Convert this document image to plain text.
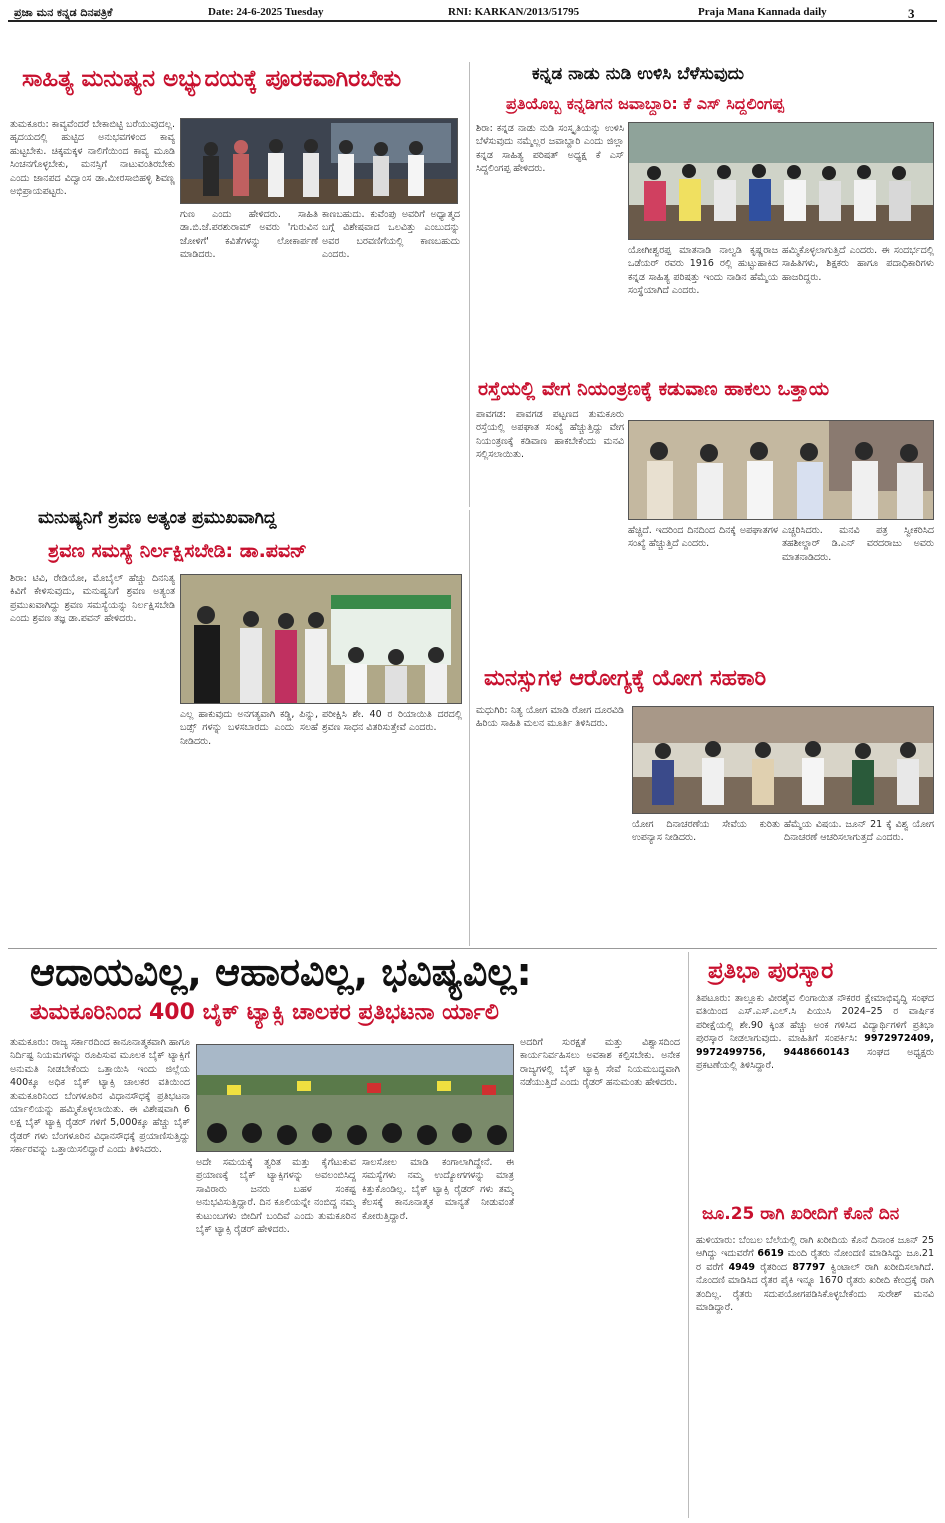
ಪ್ರಜಾ ಮನ ಕನ್ನಡ ದಿನಪತ್ರಿಕೆ	Date: 24-6-2025 Tuesday	RNI: KARKAN/2013/51795	Praja Mana Kannada daily	3
ಸಾಹಿತ್ಯ ಮನುಷ್ಯನ ಅಭ್ಯುದಯಕ್ಕೆ ಪೂರಕವಾಗಿರಬೇಕು
ತುಮಕೂರು: ಕಾವ್ಯವೆಂದರೆ ಬೇಕಾಬಿಟ್ಟಿ ಬರೆಯುವುದಲ್ಲ. ಹೃದಯದಲ್ಲಿ ಹುಟ್ಟಿದ ಅನುಭವಗಳಿಂದ ಕಾವ್ಯ ಹುಟ್ಟಬೇಕು. ಚಿಕ್ಕಮಕ್ಕಳ ನಾಲಿಗೆಯಿಂದ ಕಾವ್ಯ ಮೂಡಿ ಸಿಂಚನಗೊಳ್ಳಬೇಕು, ಮನಸ್ಸಿಗೆ ನಾಟುವಂತಿರಬೇಕು ಎಂದು ಜಾನಪದ ವಿದ್ವಾಂಸ ಡಾ.ಮೀರಸಾಬಿಹಳ್ಳಿ ಶಿವಣ್ಣ ಅಭಿಪ್ರಾಯಪಟ್ಟರು.
ಗುಣ ಎಂದು ಹೇಳಿದರು. ಸಾಹಿತಿ ಡಾ.ಬಿ.ಜೆ.ಪರಶುರಾಮ್ ಅವರು 'ಗುರುವಿನ ಜೋಳಿಗೆ' ಕವಿತೆಗಳನ್ನು ಲೋಕಾರ್ಪಣೆ ಮಾಡಿದರು.
ಕಾಣಬಹುದು. ಕುವೆಂಪು ಅವರಿಗೆ ಅಧ್ಯಾತ್ಮದ ಬಗ್ಗೆ ವಿಶೇಷವಾದ ಒಲವಿತ್ತು ಎಂಬುದನ್ನು ಅವರ ಬರವಣಿಗೆಯಲ್ಲಿ ಕಾಣಬಹುದು ಎಂದರು.
ಕನ್ನಡ ನಾಡು ನುಡಿ ಉಳಿಸಿ ಬೆಳೆಸುವುದು
ಪ್ರತಿಯೊಬ್ಬ ಕನ್ನಡಿಗನ ಜವಾಬ್ದಾರಿ: ಕೆ ಎಸ್ ಸಿದ್ದಲಿಂಗಪ್ಪ
ಶಿರಾ: ಕನ್ನಡ ನಾಡು ನುಡಿ ಸಂಸ್ಕೃತಿಯನ್ನು ಉಳಿಸಿ ಬೆಳೆಸುವುದು ನಮ್ಮೆಲ್ಲರ ಜವಾಬ್ದಾರಿ ಎಂದು ಜಿಲ್ಲಾ ಕನ್ನಡ ಸಾಹಿತ್ಯ ಪರಿಷತ್ ಅಧ್ಯಕ್ಷ ಕೆ ಎಸ್ ಸಿದ್ದಲಿಂಗಪ್ಪ ಹೇಳಿದರು.
ಯೋಗೀಶ್ವರಪ್ಪ ಮಾತನಾಡಿ ನಾಲ್ವಡಿ ಕೃಷ್ಣರಾಜ ಒಡೆಯರ್ ರವರು 1916 ರಲ್ಲಿ ಹುಟ್ಟುಹಾಕಿದ ಕನ್ನಡ ಸಾಹಿತ್ಯ ಪರಿಷತ್ತು ಇಂದು ನಾಡಿನ ಹೆಮ್ಮೆಯ ಸಂಸ್ಥೆಯಾಗಿದೆ ಎಂದರು.
ಹಮ್ಮಿಕೊಳ್ಳಲಾಗುತ್ತಿದೆ ಎಂದರು. ಈ ಸಂದರ್ಭದಲ್ಲಿ ಸಾಹಿತಿಗಳು, ಶಿಕ್ಷಕರು ಹಾಗೂ ಪದಾಧಿಕಾರಿಗಳು ಹಾಜರಿದ್ದರು.
ರಸ್ತೆಯಲ್ಲಿ ವೇಗ ನಿಯಂತ್ರಣಕ್ಕೆ ಕಡುವಾಣ ಹಾಕಲು ಒತ್ತಾಯ
ಪಾವಗಡ: ಪಾವಗಡ ಪಟ್ಟಣದ ತುಮಕೂರು ರಸ್ತೆಯಲ್ಲಿ ಅಪಘಾತ ಸಂಖ್ಯೆ ಹೆಚ್ಚುತ್ತಿದ್ದು ವೇಗ ನಿಯಂತ್ರಣಕ್ಕೆ ಕಡಿವಾಣ ಹಾಕಬೇಕೆಂದು ಮನವಿ ಸಲ್ಲಿಸಲಾಯಿತು.
ಹೆಚ್ಚಿದೆ. ಇದರಿಂದ ದಿನದಿಂದ ದಿನಕ್ಕೆ ಅಪಘಾತಗಳ ಸಂಖ್ಯೆ ಹೆಚ್ಚುತ್ತಿದೆ ಎಂದರು.
ಎಚ್ಚರಿಸಿದರು. ಮನವಿ ಪತ್ರ ಸ್ವೀಕರಿಸಿದ ತಹಶೀಲ್ದಾರ್ ಡಿ.ಎನ್ ವರದರಾಜು ಅವರು ಮಾತನಾಡಿದರು.
ಮನುಷ್ಯನಿಗೆ ಶ್ರವಣ ಅತ್ಯಂತ ಪ್ರಮುಖವಾಗಿದ್ದ
ಶ್ರವಣ ಸಮಸ್ಯೆ ನಿರ್ಲಕ್ಷಿಸಬೇಡಿ: ಡಾ.ಪವನ್
ಶಿರಾ: ಟಿವಿ, ರೇಡಿಯೋ, ಮೊಬೈಲ್ ಹೆಚ್ಚು ದಿನನಿತ್ಯ ಕಿವಿಗೆ ಕೇಳಿಸುವುದು, ಮನುಷ್ಯನಿಗೆ ಶ್ರವಣ ಅತ್ಯಂತ ಪ್ರಮುಖವಾಗಿದ್ದು ಶ್ರವಣ ಸಮಸ್ಯೆಯನ್ನು ನಿರ್ಲಕ್ಷಿಸಬೇಡಿ ಎಂದು ಶ್ರವಣ ತಜ್ಞ ಡಾ.ಪವನ್ ಹೇಳಿದರು.
ಎಲ್ಲ ಹಾಕುವುದು ಅನಗತ್ಯವಾಗಿ ಕಡ್ಡಿ, ಪಿನ್ನು, ಬಡ್ಸ್ ಗಳನ್ನು ಬಳಸಬಾರದು ಎಂದು ಸಲಹೆ ನೀಡಿದರು.
ಪರೀಕ್ಷಿಸಿ ಶೇ. 40 ರ ರಿಯಾಯಿತಿ ದರದಲ್ಲಿ ಶ್ರವಣ ಸಾಧನ ವಿತರಿಸುತ್ತೇವೆ ಎಂದರು.
ಮನಸ್ಸುಗಳ ಆರೋಗ್ಯಕ್ಕೆ ಯೋಗ ಸಹಕಾರಿ
ಮಧುಗಿರಿ: ನಿತ್ಯ ಯೋಗ ಮಾಡಿ ರೋಗ ದೂರವಿಡಿ ಹಿರಿಯ ಸಾಹಿತಿ ಮಲನ ಮೂರ್ತಿ ತಿಳಿಸಿದರು.
ಯೋಗ ದಿನಾಚರಣೆಯ ಸೇವೆಯ ಕುರಿತು ಉಪನ್ಯಾಸ ನೀಡಿದರು.
ಹೆಮ್ಮೆಯ ವಿಷಯ. ಜೂನ್ 21 ಕ್ಕೆ ವಿಶ್ವ ಯೋಗ ದಿನಾಚರಣೆ ಆಚರಿಸಲಾಗುತ್ತದೆ ಎಂದರು.
ಆದಾಯವಿಲ್ಲ, ಆಹಾರವಿಲ್ಲ, ಭವಿಷ್ಯವಿಲ್ಲ:
ತುಮಕೂರಿನಿಂದ 400 ಬೈಕ್ ಟ್ಯಾಕ್ಸಿ ಚಾಲಕರ ಪ್ರತಿಭಟನಾ ರ್ಯಾಲಿ
ತುಮಕೂರು: ರಾಜ್ಯ ಸರ್ಕಾರದಿಂದ ಕಾನೂನಾತ್ಮಕವಾಗಿ ಹಾಗೂ ನಿರ್ದಿಷ್ಟ ನಿಯಮಗಳನ್ನು ರೂಪಿಸುವ ಮೂಲಕ ಬೈಕ್ ಟ್ಯಾಕ್ಸಿಗೆ ಅನುಮತಿ ನೀಡಬೇಕೆಂದು ಒತ್ತಾಯಿಸಿ ಇಂದು ಜಿಲ್ಲೆಯ 400ಕ್ಕೂ ಅಧಿಕ ಬೈಕ್ ಟ್ಯಾಕ್ಸಿ ಚಾಲಕರ ವತಿಯಿಂದ ತುಮಕೂರಿನಿಂದ ಬೆಂಗಳೂರಿನ ವಿಧಾನಸೌಧಕ್ಕೆ ಪ್ರತಿಭಟನಾ ರ್ಯಾಲಿಯನ್ನು ಹಮ್ಮಿಕೊಳ್ಳಲಾಯಿತು. ಈ ವಿಶೇಷವಾಗಿ 6 ಲಕ್ಷ ಬೈಕ್ ಟ್ಯಾಕ್ಸಿ ರೈಡರ್ ಗಳಿಗೆ 5,000ಕ್ಕೂ ಹೆಚ್ಚು ಬೈಕ್ ರೈಡರ್ ಗಳು ಬೆಂಗಳೂರಿನ ವಿಧಾನಸೌಧಕ್ಕೆ ಪ್ರಯಾಣಿಸುತ್ತಿದ್ದು ಸರ್ಕಾರವನ್ನು ಒತ್ತಾಯಿಸಲಿದ್ದಾರೆ ಎಂದು ತಿಳಿಸಿದರು.
ಅದೇ ಸಮಯಕ್ಕೆ ತ್ವರಿತ ಮತ್ತು ಕೈಗೆಟುಕುವ ಪ್ರಯಾಣಕ್ಕೆ ಬೈಕ್ ಟ್ಯಾಕ್ಸಿಗಳನ್ನು ಅವಲಂಬಿಸಿದ್ದ ಸಾವಿರಾರು ಜನರು ಬಹಳ ಸಂಕಷ್ಟ ಅನುಭವಿಸುತ್ತಿದ್ದಾರೆ. ದಿನ ಕೂಲಿಯನ್ನೇ ನಂಬಿದ್ದ ನಮ್ಮ ಕುಟುಂಬಗಳು ಬೀದಿಗೆ ಬಂದಿವೆ ಎಂದು ತುಮಕೂರಿನ ಬೈಕ್ ಟ್ಯಾಕ್ಸಿ ರೈಡರ್ ಹೇಳಿದರು.
ಸಾಲಸೋಲ ಮಾಡಿ ಕಂಗಾಲಾಗಿದ್ದೇನೆ. ಈ ಸಮಸ್ಯೆಗಳು ನಮ್ಮ ಉದ್ಯೋಗಗಳನ್ನು ಮಾತ್ರ ಕಿತ್ತುಕೊಂಡಿಲ್ಲ. ಬೈಕ್ ಟ್ಯಾಕ್ಸಿ ರೈಡರ್ ಗಳು ತಮ್ಮ ಕೆಲಸಕ್ಕೆ ಕಾನೂನಾತ್ಮಕ ಮಾನ್ಯತೆ ನೀಡುವಂತೆ ಕೋರುತ್ತಿದ್ದಾರೆ.
ಅದರಿಗೆ ಸುರಕ್ಷತೆ ಮತ್ತು ವಿಶ್ವಾಸದಿಂದ ಕಾರ್ಯನಿರ್ವಹಿಸಲು ಅವಕಾಶ ಕಲ್ಪಿಸಬೇಕು. ಅನೇಕ ರಾಜ್ಯಗಳಲ್ಲಿ ಬೈಕ್ ಟ್ಯಾಕ್ಸಿ ಸೇವೆ ನಿಯಮಬದ್ಧವಾಗಿ ನಡೆಯುತ್ತಿದೆ ಎಂದು ರೈಡರ್ ಹನುಮಂತು ಹೇಳಿದರು.
ಪ್ರತಿಭಾ ಪುರಸ್ಕಾರ
ತಿಪಟೂರು: ತಾಲ್ಲೂಕು ವೀರಶೈವ ಲಿಂಗಾಯಿತ ನೌಕರರ ಕ್ಷೇಮಾಭಿವೃದ್ಧಿ ಸಂಘದ ವತಿಯಿಂದ ಎಸ್.ಎಸ್.ಎಲ್.ಸಿ ಪಿಯುಸಿ 2024–25 ರ ವಾರ್ಷಿಕ ಪರೀಕ್ಷೆಯಲ್ಲಿ ಶೇ.90 ಕ್ಕಿಂತ ಹೆಚ್ಚು ಅಂಕ ಗಳಿಸಿದ ವಿದ್ಯಾರ್ಥಿಗಳಿಗೆ ಪ್ರತಿಭಾ ಪುರಸ್ಕಾರ ನೀಡಲಾಗುವುದು. ಮಾಹಿತಿಗೆ ಸಂಪರ್ಕಿಸಿ: 9972972409, 9972499756, 9448660143 ಸಂಘದ ಅಧ್ಯಕ್ಷರು ಪ್ರಕಟಣೆಯಲ್ಲಿ ತಿಳಿಸಿದ್ದಾರೆ.
ಜೂ.25 ರಾಗಿ ಖರೀದಿಗೆ ಕೊನೆ ದಿನ
ಹುಳಿಯಾರು: ಬೆಂಬಲ ಬೆಲೆಯಲ್ಲಿ ರಾಗಿ ಖರೀದಿಯ ಕೊನೆ ದಿನಾಂಕ ಜೂನ್ 25 ಆಗಿದ್ದು ಇದುವರೆಗೆ 6619 ಮಂದಿ ರೈತರು ನೋಂದಣಿ ಮಾಡಿಸಿದ್ದು ಜೂ.21 ರ ವರೆಗೆ 4949 ರೈತರಿಂದ 87797 ಕ್ವಿಂಟಾಲ್ ರಾಗಿ ಖರೀದಿಸಲಾಗಿದೆ. ನೊಂದಣಿ ಮಾಡಿಸಿದ ರೈತರ ಪೈಕಿ ಇನ್ನೂ 1670 ರೈತರು ಖರೀದಿ ಕೇಂದ್ರಕ್ಕೆ ರಾಗಿ ತಂದಿಲ್ಲ. ರೈತರು ಸದುಪಯೋಗಪಡಿಸಿಕೊಳ್ಳಬೇಕೆಂದು ಸುರೇಶ್ ಮನವಿ ಮಾಡಿದ್ದಾರೆ.
